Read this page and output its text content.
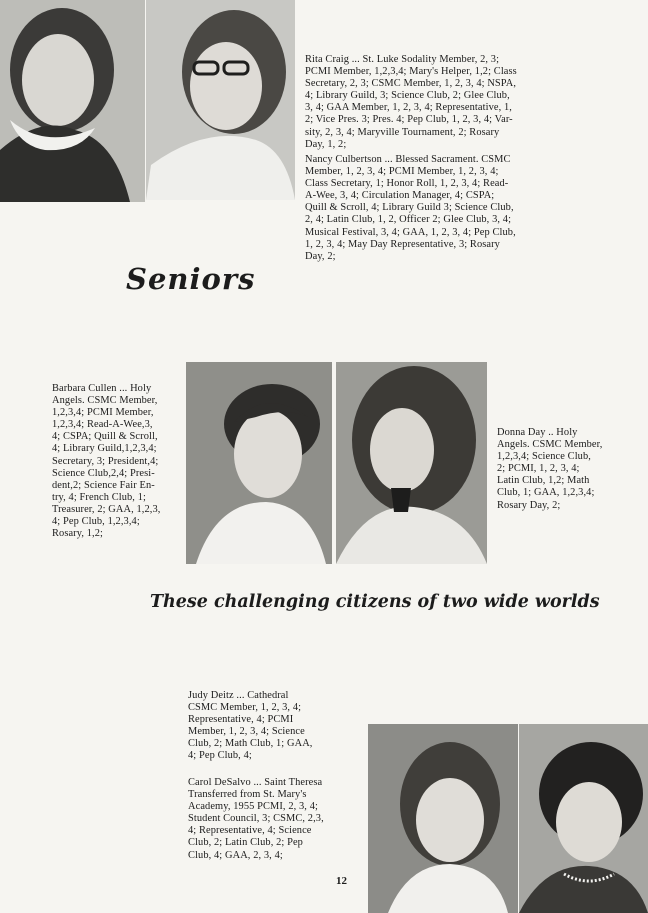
Rita Craig ... St. Luke Sodality Member, 2, 3;
PCMI Member, 1,2,3,4; Mary's Helper, 1,2; Class
Secretary, 2, 3; CSMC Member, 1, 2, 3, 4; NSPA,
4; Library Guild, 3; Science Club, 2; Glee Club,
3, 4; GAA Member, 1, 2, 3, 4; Representative, 1,
2; Vice Pres. 3; Pres. 4; Pep Club, 1, 2, 3, 4; Var-
sity, 2, 3, 4; Maryville Tournament, 2; Rosary
Day, 1, 2;
Nancy Culbertson ... Blessed Sacrament. CSMC
Member, 1, 2, 3, 4; PCMI Member, 1, 2, 3, 4;
Class Secretary, 1; Honor Roll, 1, 2, 3, 4; Read-
A-Wee, 3, 4; Circulation Manager, 4; CSPA;
Quill & Scroll, 4; Library Guild 3; Science Club,
2, 4; Latin Club, 1, 2, Officer 2; Glee Club, 3, 4;
Musical Festival, 3, 4; GAA, 1, 2, 3, 4; Pep Club,
1, 2, 3, 4; May Day Representative, 3; Rosary
Day, 2;
Seniors
Barbara Cullen ... Holy
Angels. CSMC Member,
1,2,3,4; PCMI Member,
1,2,3,4; Read-A-Wee,3,
4; CSPA; Quill & Scroll,
4; Library Guild,1,2,3,4;
Secretary, 3; President,4;
Science Club,2,4; Presi-
dent,2; Science Fair En-
try, 4; French Club, 1;
Treasurer, 2; GAA, 1,2,3,
4; Pep Club, 1,2,3,4;
Rosary, 1,2;
Donna Day .. Holy
Angels. CSMC Member,
1,2,3,4; Science Club,
2; PCMI, 1, 2, 3, 4;
Latin Club, 1,2; Math
Club, 1; GAA, 1,2,3,4;
Rosary Day, 2;
These challenging citizens of two wide worlds
Judy Deitz ... Cathedral
CSMC Member, 1, 2, 3, 4;
Representative, 4; PCMI
Member, 1, 2, 3, 4; Science
Club, 2; Math Club, 1; GAA,
4; Pep Club, 4;
Carol DeSalvo ... Saint Theresa
Transferred from St. Mary's
Academy, 1955 PCMI, 2, 3, 4;
Student Council, 3; CSMC, 2,3,
4; Representative, 4; Science
Club, 2; Latin Club, 2; Pep
Club, 4; GAA, 2, 3, 4;
12
